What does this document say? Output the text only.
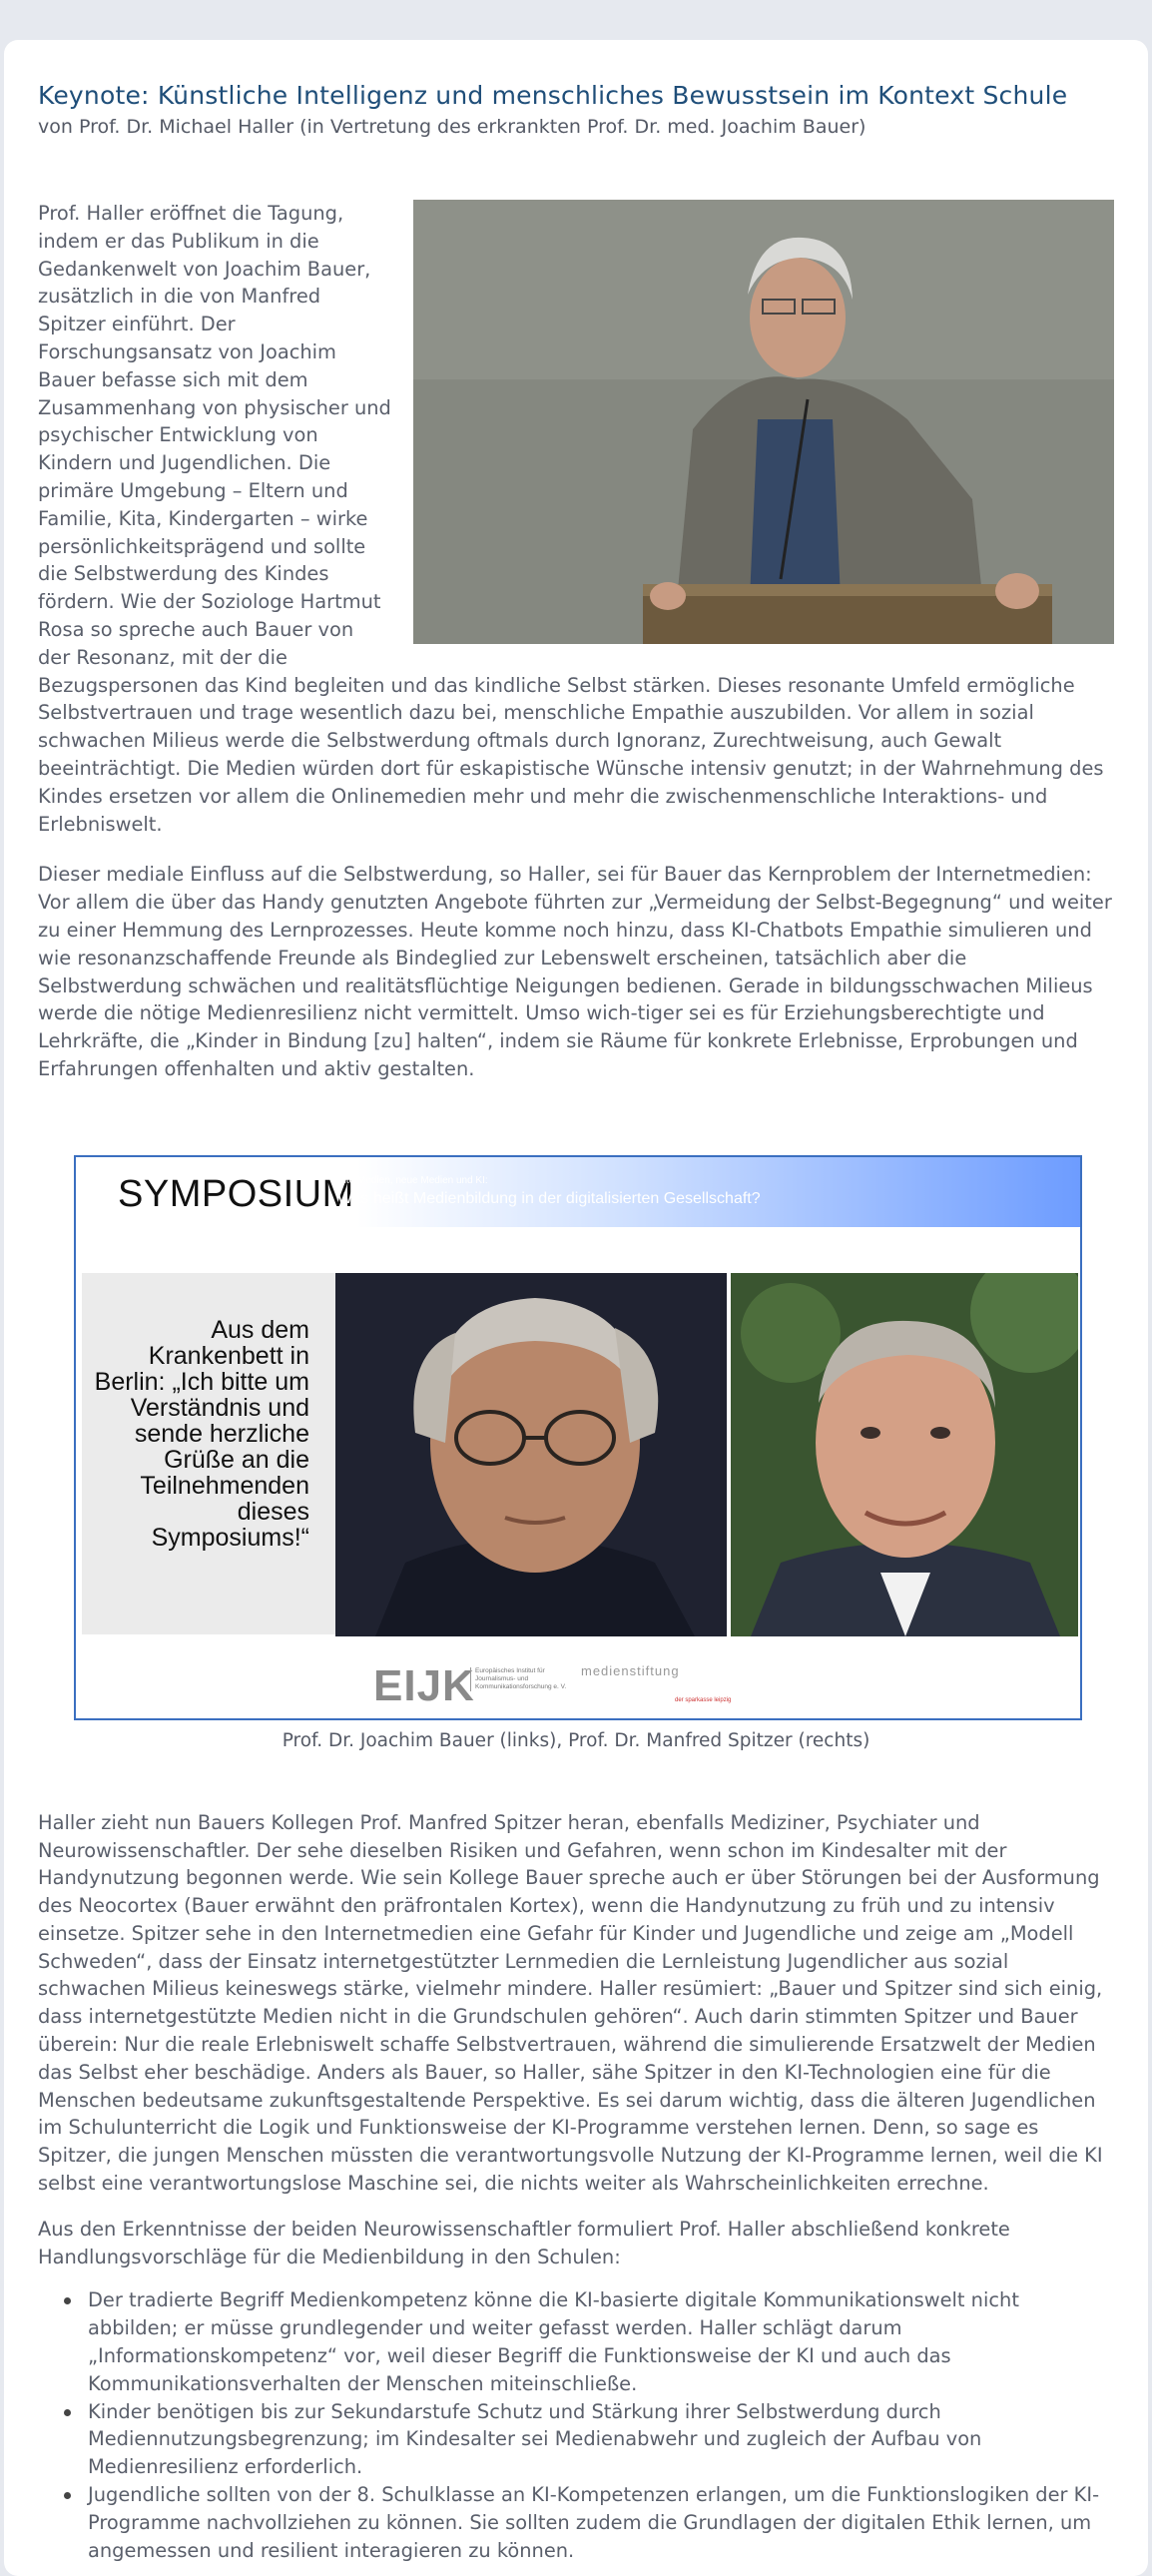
Keynote: Künstliche Intelligenz und menschliches Bewusstsein im Kontext Schule
von Prof. Dr. Michael Haller (in Vertretung des erkrankten Prof. Dr. med. Joachim Bauer)

Prof. Haller eröffnet die Tagung, indem er das Publikum in die Gedankenwelt von Joachim Bauer, zusätzlich in die von Manfred Spitzer einführt. Der Forschungsansatz von Joachim Bauer befasse sich mit dem Zusammenhang von physischer und psychischer Entwicklung von Kindern und Jugendlichen. Die primäre Umgebung – Eltern und Familie, Kita, Kindergarten – wirke persönlichkeitsprägend und sollte die Selbstwerdung des Kindes fördern. Wie der Soziologe Hartmut Rosa so spreche auch Bauer von der Resonanz, mit der die Bezugspersonen das Kind begleiten und das kindliche Selbst stärken. Dieses resonante Umfeld ermögliche Selbstvertrauen und trage wesentlich dazu bei, menschliche Empathie auszubilden. Vor allem in sozial schwachen Milieus werde die Selbstwerdung oftmals durch Ignoranz, Zurechtweisung, auch Gewalt beeinträchtigt. Die Medien würden dort für eskapistische Wünsche intensiv genutzt; in der Wahrnehmung des Kindes ersetzen vor allem die Onlinemedien mehr und mehr die zwischenmenschliche Interaktions- und Erlebniswelt.

Dieser mediale Einfluss auf die Selbstwerdung, so Haller, sei für Bauer das Kernproblem der Internetmedien: Vor allem die über das Handy genutzten Angebote führten zur „Vermeidung der Selbst-Begegnung“ und weiter zu einer Hemmung des Lernprozesses. Heute komme noch hinzu, dass KI-Chatbots Empathie simulieren und wie resonanzschaffende Freunde als Bindeglied zur Lebenswelt erscheinen, tatsächlich aber die Selbstwerdung schwächen und realitätsflüchtige Neigungen bedienen. Gerade in bildungsschwachen Milieus werde die nötige Medienresilienz nicht vermittelt. Umso wich-tiger sei es für Erziehungsberechtigte und Lehrkräfte, die „Kinder in Bindung [zu] halten“, indem sie Räume für konkrete Erlebnisse, Erprobungen und Erfahrungen offenhalten und aktiv gestalten.

SYMPOSIUM
Alte Medien, neue Medien und KI:
Was heißt Medienbildung in der digitalisierten Gesellschaft?
Aus dem Krankenbett in Berlin: „Ich bitte um Verständnis und sende herzliche Grüße an die Teilnehmenden dieses Symposiums!“
EIJK Europäisches Institut für Journalismus- und Kommunikationsforschung e. V.
medienstiftung
der sparkasse leipzig
Prof. Dr. Joachim Bauer (links), Prof. Dr. Manfred Spitzer (rechts)

Haller zieht nun Bauers Kollegen Prof. Manfred Spitzer heran, ebenfalls Mediziner, Psychiater und Neurowissenschaftler. Der sehe dieselben Risiken und Gefahren, wenn schon im Kindesalter mit der Handynutzung begonnen werde. Wie sein Kollege Bauer spreche auch er über Störungen bei der Ausformung des Neocortex (Bauer erwähnt den präfrontalen Kortex), wenn die Handynutzung zu früh und zu intensiv einsetze. Spitzer sehe in den Internetmedien eine Gefahr für Kinder und Jugendliche und zeige am „Modell Schweden“, dass der Einsatz internetgestützter Lernmedien die Lernleistung Jugendlicher aus sozial schwachen Milieus keineswegs stärke, vielmehr mindere. Haller resümiert: „Bauer und Spitzer sind sich einig, dass internetgestützte Medien nicht in die Grundschulen gehören“. Auch darin stimmten Spitzer und Bauer überein: Nur die reale Erlebniswelt schaffe Selbstvertrauen, während die simulierende Ersatzwelt der Medien das Selbst eher beschädige. Anders als Bauer, so Haller, sähe Spitzer in den KI-Technologien eine für die Menschen bedeutsame zukunftsgestaltende Perspektive. Es sei darum wichtig, dass die älteren Jugendlichen im Schulunterricht die Logik und Funktionsweise der KI-Programme verstehen lernen. Denn, so sage es Spitzer, die jungen Menschen müssten die verantwortungsvolle Nutzung der KI-Programme lernen, weil die KI selbst eine verantwortungslose Maschine sei, die nichts weiter als Wahrscheinlichkeiten errechne.

Aus den Erkenntnisse der beiden Neurowissenschaftler formuliert Prof. Haller abschließend konkrete Handlungsvorschläge für die Medienbildung in den Schulen:

Der tradierte Begriff Medienkompetenz könne die KI-basierte digitale Kommunikationswelt nicht abbilden; er müsse grundlegender und weiter gefasst werden. Haller schlägt darum „Informationskompetenz“ vor, weil dieser Begriff die Funktionsweise der KI und auch das Kommunikationsverhalten der Menschen miteinschließe.
Kinder benötigen bis zur Sekundarstufe Schutz und Stärkung ihrer Selbstwerdung durch Mediennutzungsbegrenzung; im Kindesalter sei Medienabwehr und zugleich der Aufbau von Medienresilienz erforderlich.
Jugendliche sollten von der 8. Schulklasse an KI-Kompetenzen erlangen, um die Funktionslogiken der KI-Programme nachvollziehen zu können. Sie sollten zudem die Grundlagen der digitalen Ethik lernen, um angemessen und resilient interagieren zu können.
